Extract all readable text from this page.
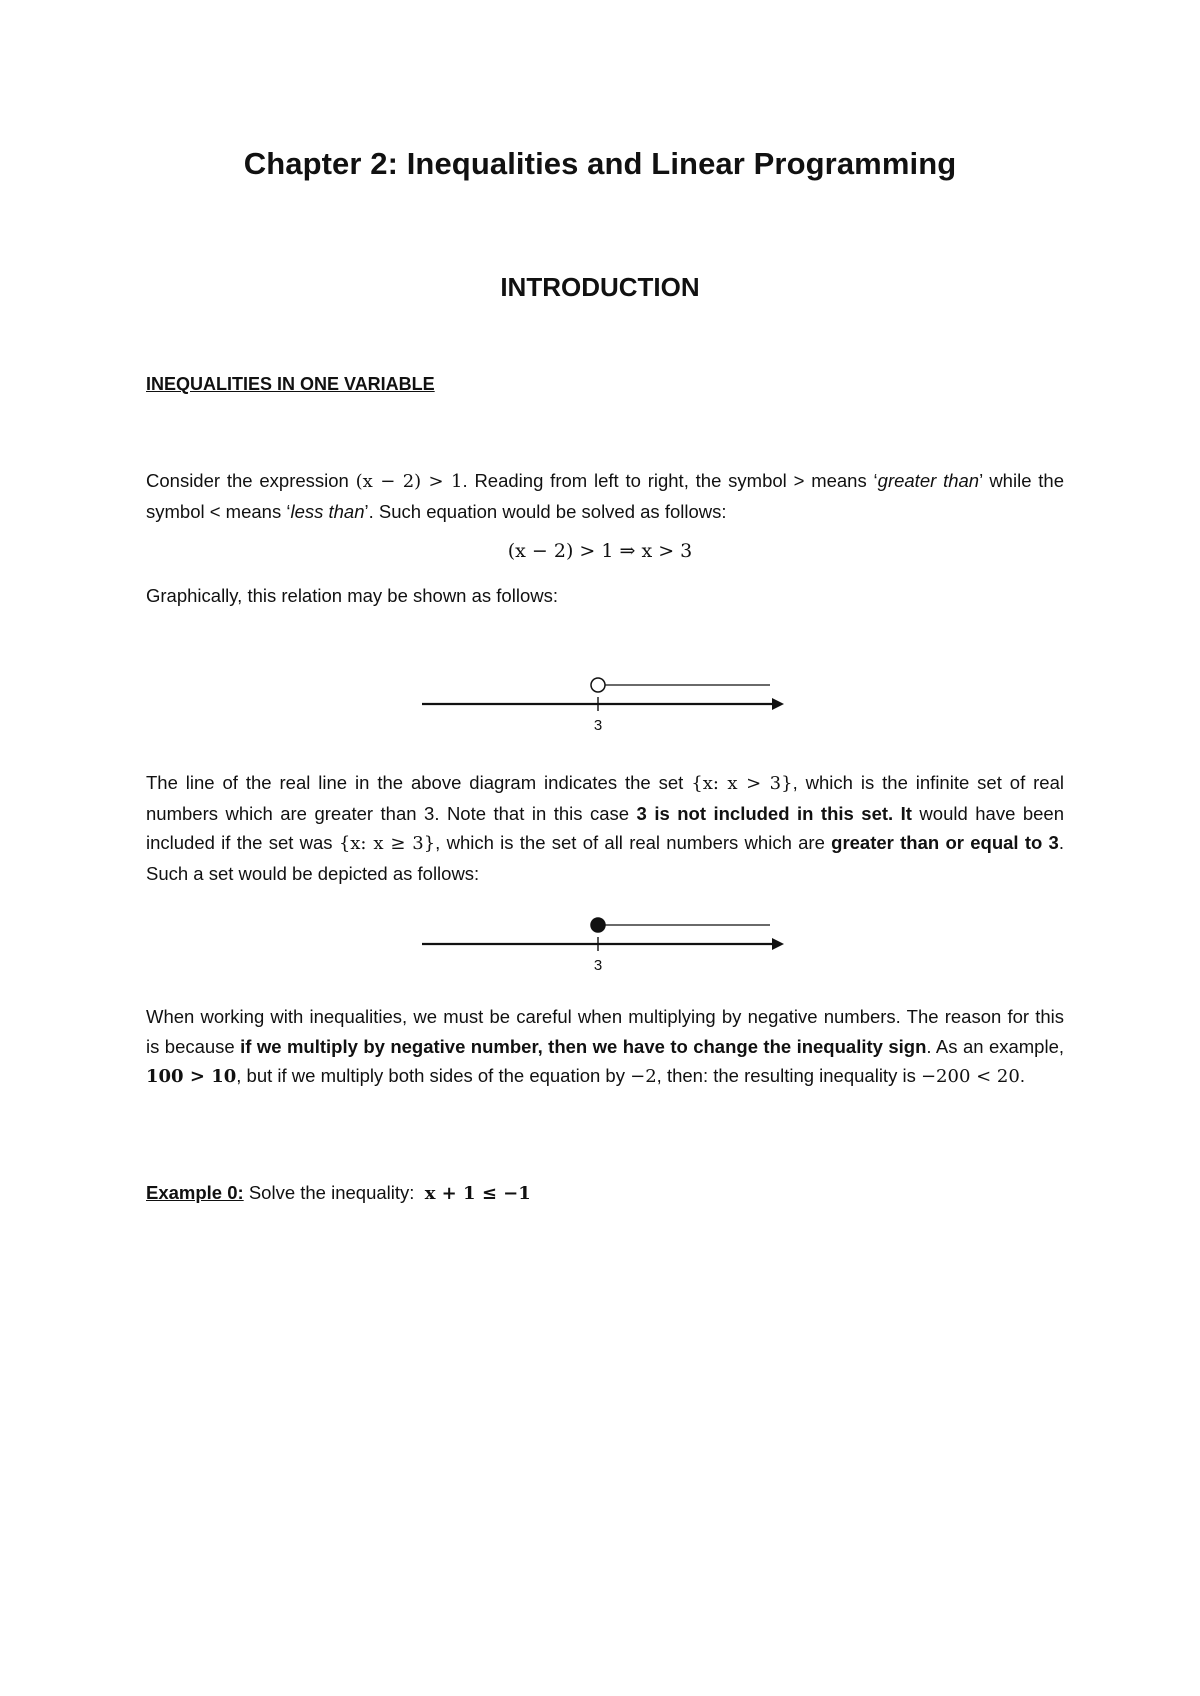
Chapter 2: Inequalities and Linear Programming
INTRODUCTION
INEQUALITIES IN ONE VARIABLE
Consider the expression (x − 2) > 1. Reading from left to right, the symbol > means ‘greater than’ while the symbol < means ‘less than’. Such equation would be solved as follows:
(x − 2) > 1 ⇒ x > 3
Graphically, this relation may be shown as follows:
3
The line of the real line in the above diagram indicates the set {x: x > 3}, which is the infinite set of real numbers which are greater than 3. Note that in this case 3 is not included in this set. It would have been included if the set was {x: x ≥ 3}, which is the set of all real numbers which are greater than or equal to 3. Such a set would be depicted as follows:
3
When working with inequalities, we must be careful when multiplying by negative numbers. The reason for this is because if we multiply by negative number, then we have to change the inequality sign. As an example, 100 > 10, but if we multiply both sides of the equation by −2, then: the resulting inequality is −200 < 20.
Example 0: Solve the inequality:  x + 1 ≤ −1
